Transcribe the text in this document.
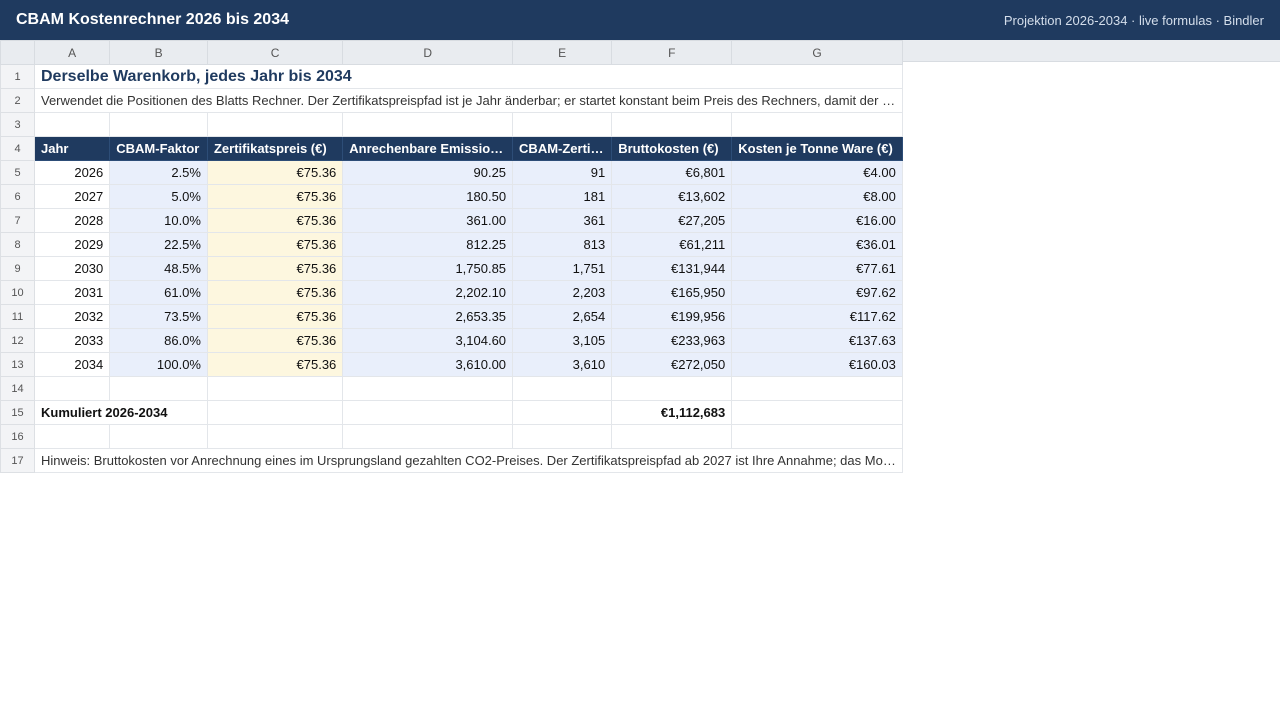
CBAM Kostenrechner 2026 bis 2034	Projektion 2026-2034 · live formulas · Bindler
	A	B	C	D	E	F	G
1	Derselbe Warenkorb, jedes Jahr bis 2034						
2	Verwendet die Positionen des Blatts Rechner. Der Zertifikatspreispfad ist je Jahr änderbar; er startet konstant beim Preis des Rechners, damit der …						
3							
4	Jahr	CBAM-Faktor	Zertifikatspreis (€)	Anrechenbare Emissio…	CBAM-Zerti…	Bruttokosten (€)	Kosten je Tonne Ware (€)
5	2026	2.5%	€75.36	90.25	91	€6,801	€4.00
6	2027	5.0%	€75.36	180.50	181	€13,602	€8.00
7	2028	10.0%	€75.36	361.00	361	€27,205	€16.00
8	2029	22.5%	€75.36	812.25	813	€61,211	€36.01
9	2030	48.5%	€75.36	1,750.85	1,751	€131,944	€77.61
10	2031	61.0%	€75.36	2,202.10	2,203	€165,950	€97.62
11	2032	73.5%	€75.36	2,653.35	2,654	€199,956	€117.62
12	2033	86.0%	€75.36	3,104.60	3,105	€233,963	€137.63
13	2034	100.0%	€75.36	3,610.00	3,610	€272,050	€160.03
14							
15	Kumuliert 2026-2034					€1,112,683	
16							
17	Hinweis: Bruttokosten vor Anrechnung eines im Ursprungsland gezahlten CO2-Preises. Der Zertifikatspreispfad ab 2027 ist Ihre Annahme; das Mo…						
